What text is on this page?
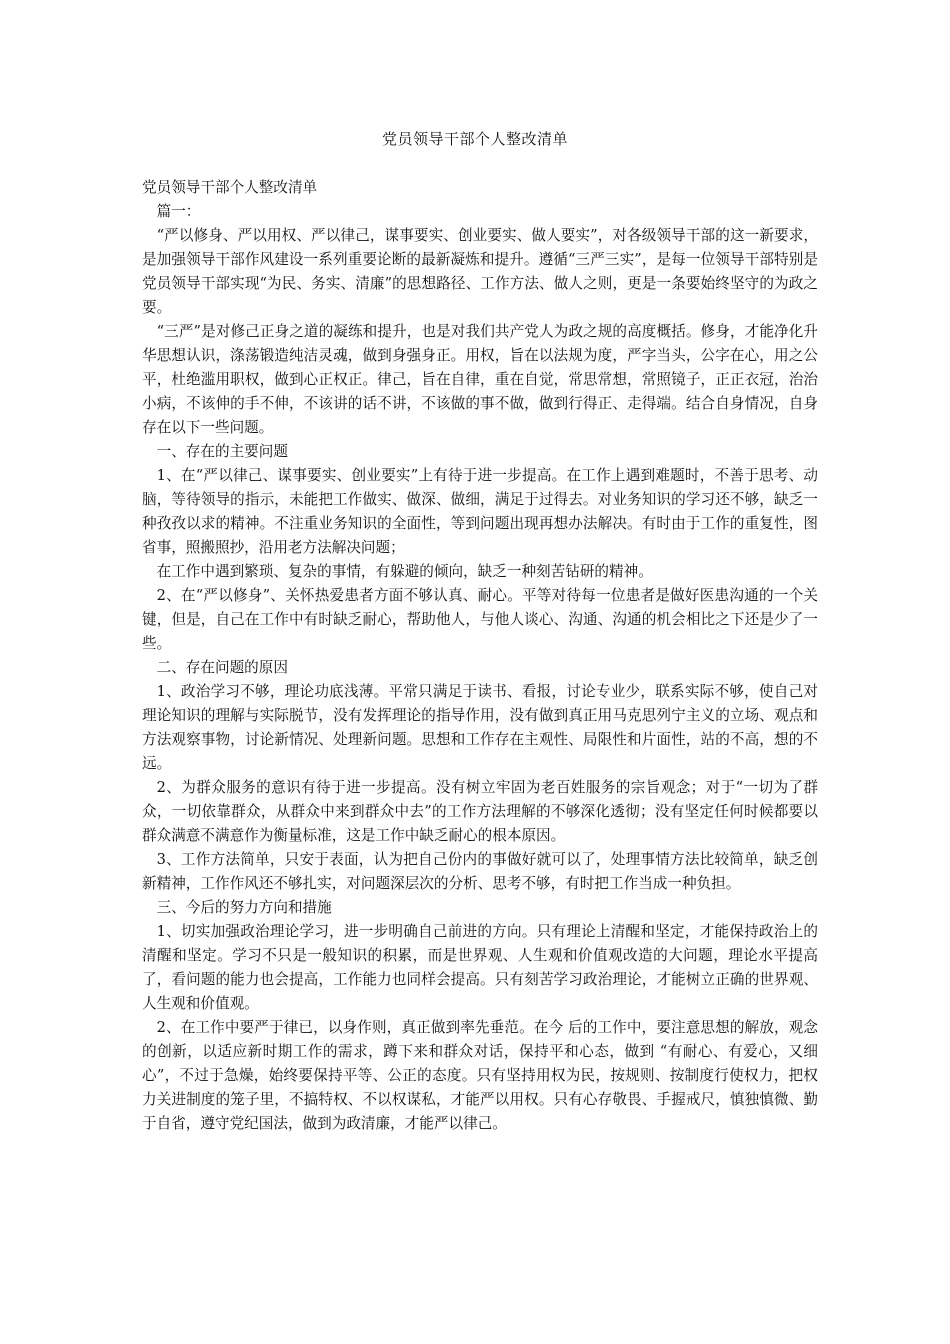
党员领导干部个人整改清单

党员领导干部个人整改清单

篇一：

“严以修身、严以用权、严以律己，谋事要实、创业要实、做人要实”，对各级领导干部的这一新要求，是加强领导干部作风建设一系列重要论断的最新凝炼和提升。遵循“三严三实”，是每一位领导干部特别是党员领导干部实现“为民、务实、清廉”的思想路径、工作方法、做人之则，更是一条要始终坚守的为政之要。

“三严”是对修己正身之道的凝练和提升，也是对我们共产党人为政之规的高度概括。修身，才能净化升华思想认识，涤荡锻造纯洁灵魂，做到身强身正。用权，旨在以法规为度，严字当头，公字在心，用之公平，杜绝滥用职权，做到心正权正。律己，旨在自律，重在自觉，常思常想，常照镜子，正正衣冠，治治小病，不该伸的手不伸，不该讲的话不讲，不该做的事不做，做到行得正、走得端。结合自身情况，自身存在以下一些问题。

一、存在的主要问题

1、在“严以律己、谋事要实、创业要实”上有待于进一步提高。在工作上遇到难题时，不善于思考、动脑，等待领导的指示，未能把工作做实、做深、做细，满足于过得去。对业务知识的学习还不够，缺乏一种孜孜以求的精神。不注重业务知识的全面性，等到问题出现再想办法解决。有时由于工作的重复性，图省事，照搬照抄，沿用老方法解决问题；

在工作中遇到繁琐、复杂的事情，有躲避的倾向，缺乏一种刻苦钻研的精神。

2、在“严以修身”、关怀热爱患者方面不够认真、耐心。平等对待每一位患者是做好医患沟通的一个关键，但是，自己在工作中有时缺乏耐心，帮助他人，与他人谈心、沟通、沟通的机会相比之下还是少了一些。

二、存在问题的原因

1、政治学习不够，理论功底浅薄。平常只满足于读书、看报，讨论专业少，联系实际不够，使自己对理论知识的理解与实际脱节，没有发挥理论的指导作用，没有做到真正用马克思列宁主义的立场、观点和方法观察事物，讨论新情况、处理新问题。思想和工作存在主观性、局限性和片面性，站的不高，想的不远。

2、为群众服务的意识有待于进一步提高。没有树立牢固为老百姓服务的宗旨观念；对于“一切为了群众，一切依靠群众，从群众中来到群众中去”的工作方法理解的不够深化透彻；没有坚定任何时候都要以群众满意不满意作为衡量标准，这是工作中缺乏耐心的根本原因。

3、工作方法简单，只安于表面，认为把自己份内的事做好就可以了，处理事情方法比较简单，缺乏创新精神，工作作风还不够扎实，对问题深层次的分析、思考不够，有时把工作当成一种负担。

三、今后的努力方向和措施

1、切实加强政治理论学习，进一步明确自己前进的方向。只有理论上清醒和坚定，才能保持政治上的清醒和坚定。学习不只是一般知识的积累，而是世界观、人生观和价值观改造的大问题，理论水平提高了，看问题的能力也会提高，工作能力也同样会提高。只有刻苦学习政治理论，才能树立正确的世界观、人生观和价值观。

2、在工作中要严于律已，以身作则，真正做到率先垂范。在今 后的工作中，要注意思想的解放，观念的创新，以适应新时期工作的需求，蹲下来和群众对话，保持平和心态，做到 “有耐心、有爱心，又细心”，不过于急燥，始终要保持平等、公正的态度。只有坚持用权为民，按规则、按制度行使权力，把权力关进制度的笼子里，不搞特权、不以权谋私，才能严以用权。只有心存敬畏、手握戒尺，慎独慎微、勤于自省，遵守党纪国法，做到为政清廉，才能严以律己。
